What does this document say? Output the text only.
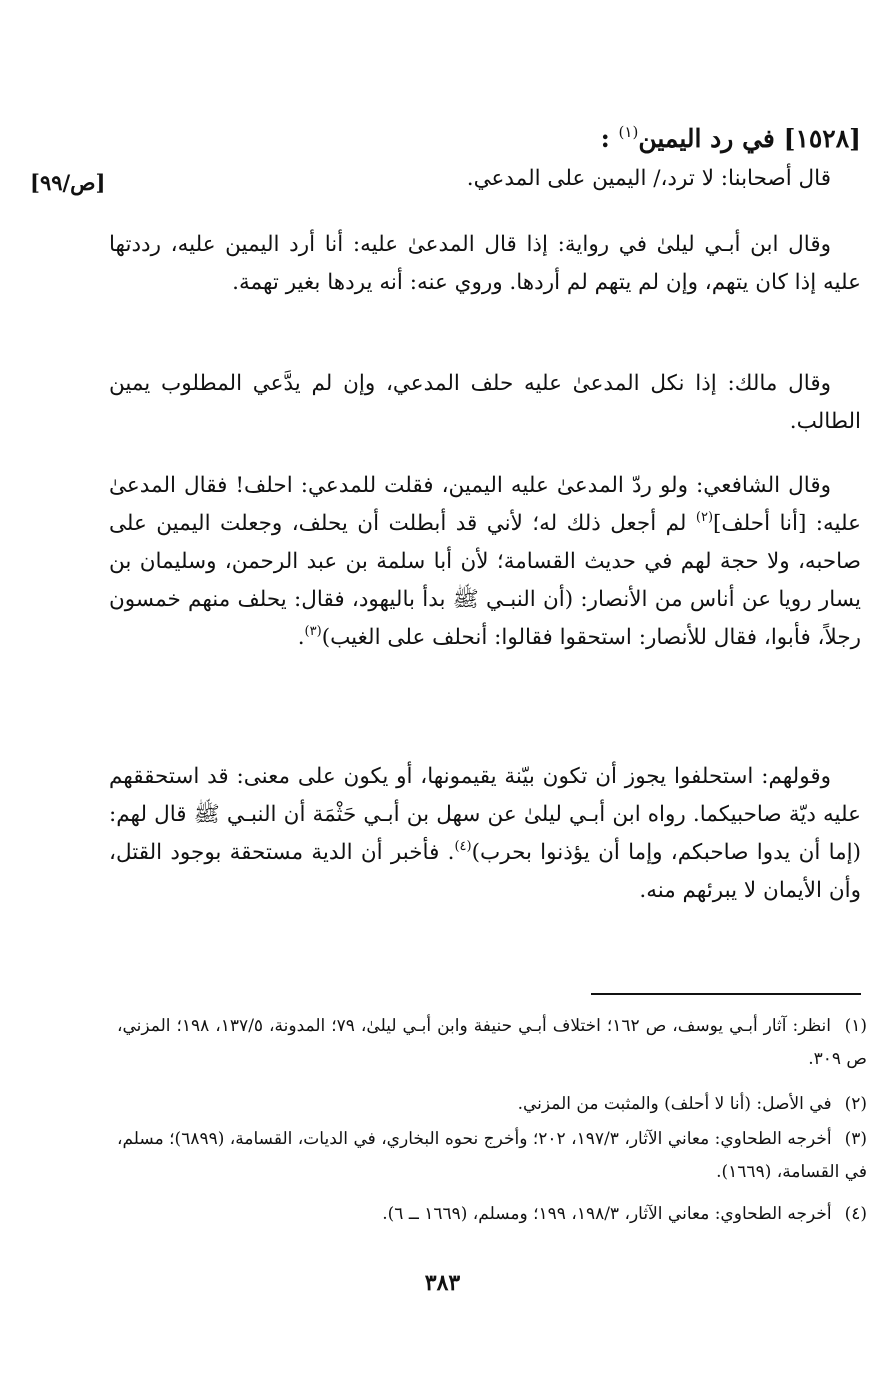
[١٥٢٨] في رد اليمين$^{(١)}$ :
[ص/٩٩]	قال أصحابنا: لا ترد،/ اليمين على المدعي.
وقال ابن أبـي ليلىٰ في رواية: إذا قال المدعىٰ عليه: أنا أرد اليمين عليه، رددتها عليه إذا كان يتهم، وإن لم يتهم لم أردها. وروي عنه: أنه يردها بغير تهمة.
وقال مالك: إذا نكل المدعىٰ عليه حلف المدعي، وإن لم يدَّعي المطلوب يمين الطالب.
وقال الشافعي: ولو ردّ المدعىٰ عليه اليمين، فقلت للمدعي: احلف! فقال المدعىٰ عليه: [أنا أحلف]$^{(٢)}$ لم أجعل ذلك له؛ لأني قد أبطلت أن يحلف، وجعلت اليمين على صاحبه، ولا حجة لهم في حديث القسامة؛ لأن أبا سلمة بن عبد الرحمن، وسليمان بن يسار رويا عن أناس من الأنصار: (أن النبـي ﷺ بدأ باليهود، فقال: يحلف منهم خمسون رجلاً، فأبوا، فقال للأنصار: استحقوا فقالوا: أنحلف على الغيب)$^{(٣)}$.
وقولهم: استحلفوا يجوز أن تكون بيّنة يقيمونها، أو يكون على معنى: قد استحققهم عليه ديّة صاحبيكما. رواه ابن أبـي ليلىٰ عن سهل بن أبـي حَثْمَة أن النبـي ﷺ قال لهم: (إما أن يدوا صاحبكم، وإما أن يؤذنوا بحرب)$^{(٤)}$. فأخبر أن الدية مستحقة بوجود القتل، وأن الأيمان لا يبرئهم منه.
(١) انظر: آثار أبـي يوسف، ص ١٦٢؛ اختلاف أبـي حنيفة وابن أبـي ليلىٰ، ٧٩؛ المدونة، ١٣٧/٥، ١٩٨؛ المزني، ص ٣٠٩.
(٢) في الأصل: (أنا لا أحلف) والمثبت من المزني.
(٣) أخرجه الطحاوي: معاني الآثار، ١٩٧/٣، ٢٠٢؛ وأخرج نحوه البخاري، في الديات، القسامة، (٦٨٩٩)؛ مسلم، في القسامة، (١٦٦٩).
(٤) أخرجه الطحاوي: معاني الآثار، ١٩٨/٣، ١٩٩؛ ومسلم، (١٦٦٩ ــ ٦).
٣٨٣
